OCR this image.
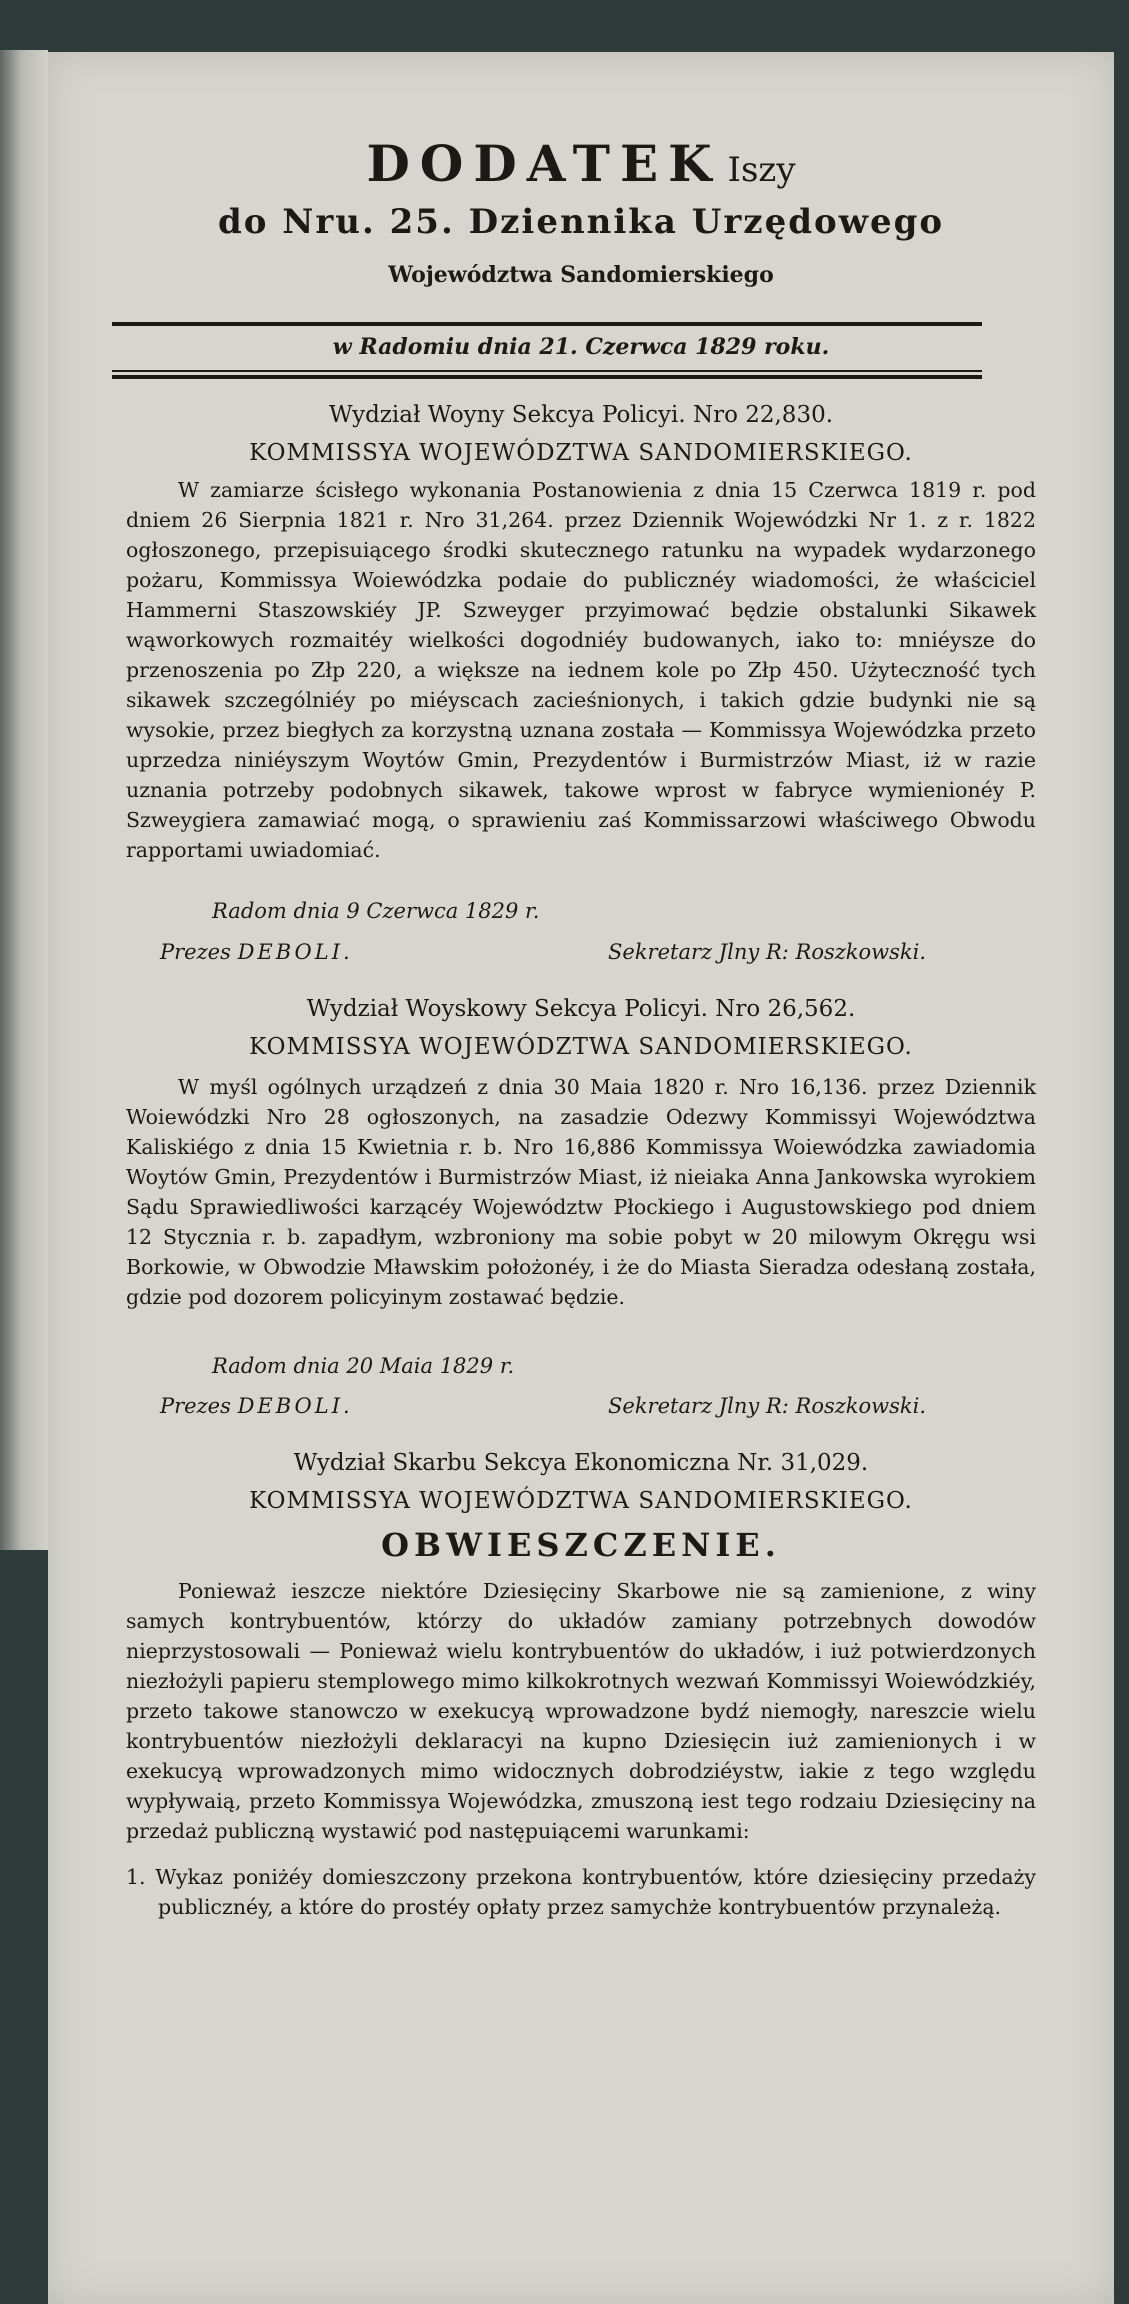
DODATEK Iszy
do Nru. 25. Dziennika Urzędowego
Województwa Sandomierskiego
w Radomiu dnia 21. Czerwca 1829 roku.
Wydział Woyny Sekcya Policyi. Nro 22,830.
KOMMISSYA WOJEWÓDZTWA SANDOMIERSKIEGO.
W zamiarze ścisłego wykonania Postanowienia z dnia 15 Czerwca 1819 r. pod dniem 26 Sierpnia 1821 r. Nro 31,264. przez Dziennik Wojewódzki Nr 1. z r. 1822 ogłoszonego, przepisuiącego środki skutecznego ratunku na wypadek wydarzonego pożaru, Kommissya Woiewódzka podaie do publicznéy wiadomości, że właściciel Hammerni Staszowskiéy JP. Szweyger przyimować będzie obstalunki Sikawek wąworkowych rozmaitéy wielkości dogodniéy budowanych, iako to: mniéysze do przenoszenia po Złp 220, a większe na iednem kole po Złp 450. Użyteczność tych sikawek szczególniéy po miéyscach zacieśnionych, i takich gdzie budynki nie są wysokie, przez biegłych za korzystną uznana została — Kommissya Wojewódzka przeto uprzedza niniéyszym Woytów Gmin, Prezydentów i Burmistrzów Miast, iż w razie uznania potrzeby podobnych sikawek, takowe wprost w fabryce wymienionéy P. Szweygiera zamawiać mogą, o sprawieniu zaś Kommissarzowi właściwego Obwodu rapportami uwiadomiać.
Radom dnia 9 Czerwca 1829 r.
Prezes DEBOLI.	Sekretarz Jlny R: Roszkowski.
Wydział Woyskowy Sekcya Policyi. Nro 26,562.
KOMMISSYA WOJEWÓDZTWA SANDOMIERSKIEGO.
W myśl ogólnych urządzeń z dnia 30 Maia 1820 r. Nro 16,136. przez Dziennik Woiewódzki Nro 28 ogłoszonych, na zasadzie Odezwy Kommissyi Województwa Kaliskiégo z dnia 15 Kwietnia r. b. Nro 16,886 Kommissya Woiewódzka zawiadomia Woytów Gmin, Prezydentów i Burmistrzów Miast, iż nieiaka Anna Jankowska wyrokiem Sądu Sprawiedliwości karzącéy Województw Płockiego i Augustowskiego pod dniem 12 Stycznia r. b. zapadłym, wzbroniony ma sobie pobyt w 20 milowym Okręgu wsi Borkowie, w Obwodzie Mławskim położonéy, i że do Miasta Sieradza odesłaną została, gdzie pod dozorem policyinym zostawać będzie.
Radom dnia 20 Maia 1829 r.
Prezes DEBOLI.	Sekretarz Jlny R: Roszkowski.
Wydział Skarbu Sekcya Ekonomiczna Nr. 31,029.
KOMMISSYA WOJEWÓDZTWA SANDOMIERSKIEGO.
OBWIESZCZENIE.
Ponieważ ieszcze niektóre Dziesięciny Skarbowe nie są zamienione, z winy samych kontrybuentów, którzy do układów zamiany potrzebnych dowodów nieprzystosowali — Ponieważ wielu kontrybuentów do układów, i iuż potwierdzonych niezłożyli papieru stemplowego mimo kilkokrotnych wezwań Kommissyi Woiewódzkiéy, przeto takowe stanowczo w exekucyą wprowadzone bydź niemogły, nareszcie wielu kontrybuentów niezłożyli deklaracyi na kupno Dziesięcin iuż zamienionych i w exekucyą wprowadzonych mimo widocznych dobrodziéystw, iakie z tego względu wypływaią, przeto Kommissya Wojewódzka, zmuszoną iest tego rodzaiu Dziesięciny na przedaż publiczną wystawić pod następuiącemi warunkami:
1. Wykaz poniżéy domieszczony przekona kontrybuentów, które dziesięciny przedaży publicznéy, a które do prostéy opłaty przez samychże kontrybuentów przynależą.
